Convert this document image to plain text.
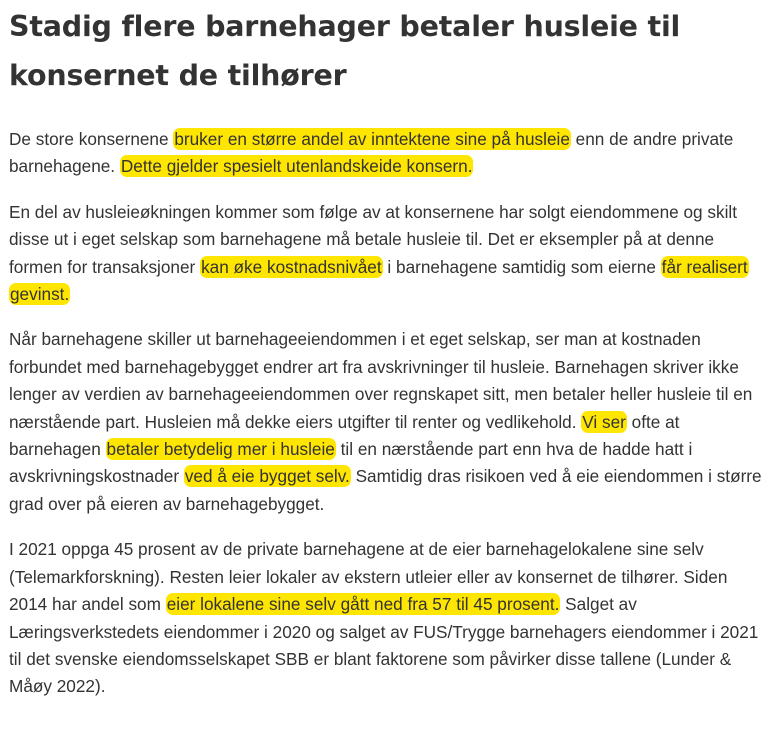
Stadig flere barnehager betaler husleie til konsernet de tilhører

De store konsernene bruker en større andel av inntektene sine på husleie enn de andre private barnehagene. Dette gjelder spesielt utenlandskeide konsern.

En del av husleieøkningen kommer som følge av at konsernene har solgt eiendommene og skilt disse ut i eget selskap som barnehagene må betale husleie til. Det er eksempler på at denne formen for transaksjoner kan øke kostnadsnivået i barnehagene samtidig som eierne får realisert gevinst.

Når barnehagene skiller ut barnehageeiendommen i et eget selskap, ser man at kostnaden forbundet med barnehagebygget endrer art fra avskrivninger til husleie. Barnehagen skriver ikke lenger av verdien av barnehageeiendommen over regnskapet sitt, men betaler heller husleie til en nærstående part. Husleien må dekke eiers utgifter til renter og vedlikehold. Vi ser ofte at barnehagen betaler betydelig mer i husleie til en nærstående part enn hva de hadde hatt i avskrivningskostnader ved å eie bygget selv. Samtidig dras risikoen ved å eie eiendommen i større grad over på eieren av barnehagebygget.

I 2021 oppga 45 prosent av de private barnehagene at de eier barnehagelokalene sine selv (Telemarkforskning). Resten leier lokaler av ekstern utleier eller av konsernet de tilhører. Siden 2014 har andel som eier lokalene sine selv gått ned fra 57 til 45 prosent. Salget av Læringsverkstedets eiendommer i 2020 og salget av FUS/Trygge barnehagers eiendommer i 2021 til det svenske eiendomsselskapet SBB er blant faktorene som påvirker disse tallene (Lunder & Måøy 2022).
